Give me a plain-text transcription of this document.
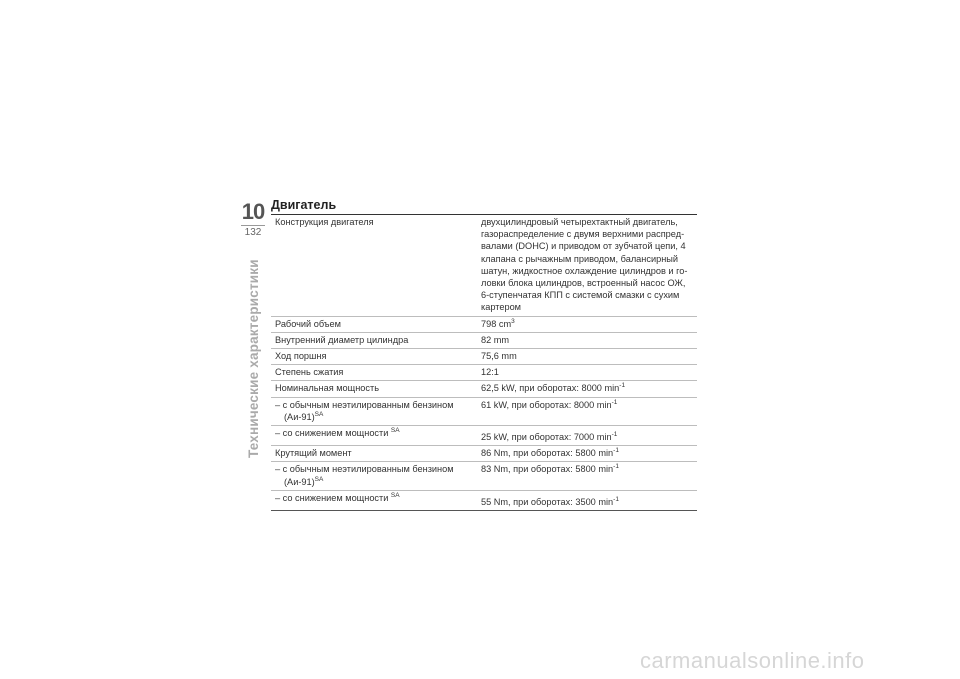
10
132
Технические характеристики
Двигатель
Конструкция двигателя	двухцилиндровый четырехтактный двигатель, газораспределение с двумя верхними распред-валами (DOHC) и приводом от зубчатой цепи, 4 клапана с рычажным приводом, балансирный шатун, жидкостное охлаждение цилиндров и го-ловки блока цилиндров, встроенный насос ОЖ, 6-ступенчатая КПП с системой смазки с сухим картером
Рабочий объем	798 $cm^3$
Внутренний диаметр цилиндра	82 mm
Ход поршня	75,6 mm
Степень сжатия	12:1
Номинальная мощность	62,5 kW, при оборотах: 8000 $\min^{-1}$
– с обычным неэтилированным бензином $(Аи-91)^{SA}$	61 kW, при оборотах: 8000 $\min^{-1}$
– со снижением мощности $^{SA}$	25 kW, при оборотах: 7000 $\min^{-1}$
Крутящий момент	86 Nm, при оборотах: 5800 $\min^{-1}$
– с обычным неэтилированным бензином $(Аи-91)^{SA}$	83 Nm, при оборотах: 5800 $\min^{-1}$
– со снижением мощности $^{SA}$	55 Nm, при оборотах: 3500 $\min^{-1}$
carmanualsonline.info
